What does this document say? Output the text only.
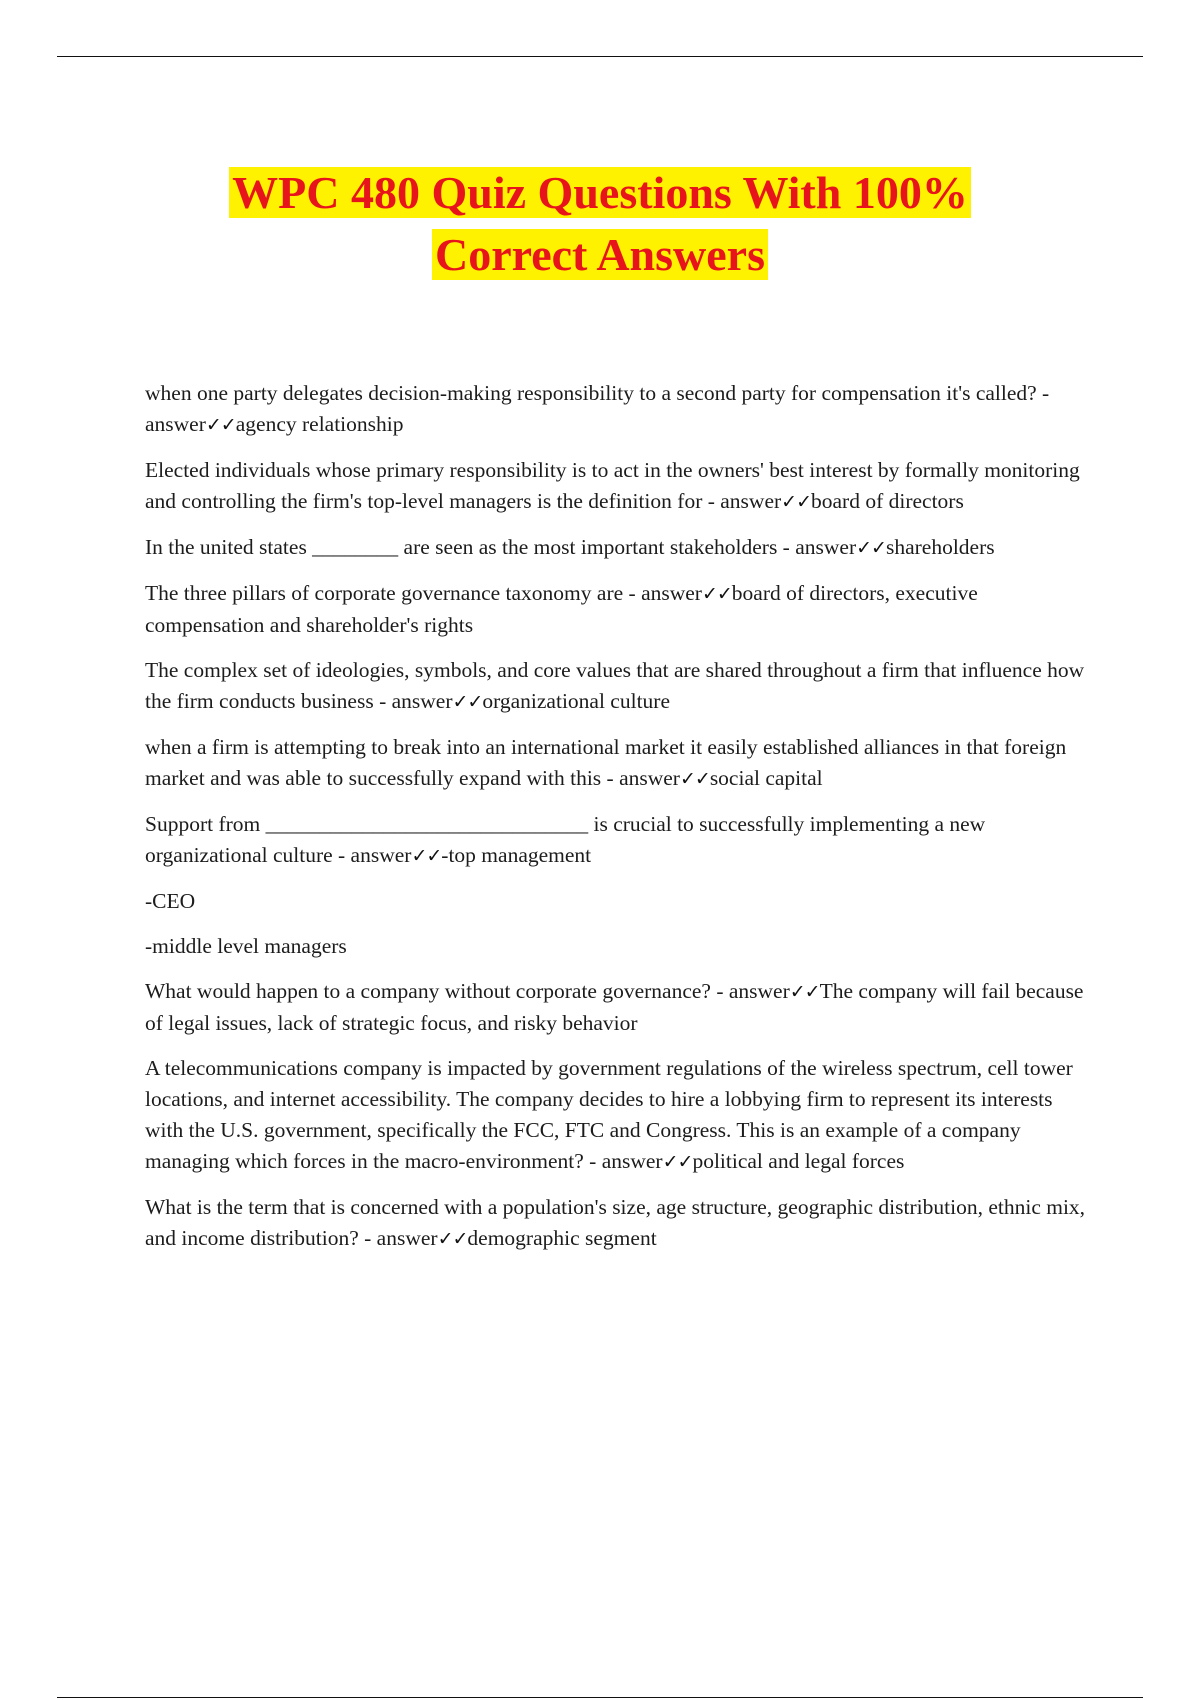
WPC 480 Quiz Questions With 100%
Correct Answers

when one party delegates decision-making responsibility to a second party for compensation it's called? - answer✓✓agency relationship

Elected individuals whose primary responsibility is to act in the owners' best interest by formally monitoring and controlling the firm's top-level managers is the definition for - answer✓✓board of directors

In the united states ________ are seen as the most important stakeholders - answer✓✓shareholders

The three pillars of corporate governance taxonomy are - answer✓✓board of directors, executive compensation and shareholder's rights

The complex set of ideologies, symbols, and core values that are shared throughout a firm that influence how the firm conducts business - answer✓✓organizational culture

when a firm is attempting to break into an international market it easily established alliances in that foreign market and was able to successfully expand with this - answer✓✓social capital

Support from ______________________________ is crucial to successfully implementing a new organizational culture - answer✓✓-top management

-CEO

-middle level managers

What would happen to a company without corporate governance? - answer✓✓The company will fail because of legal issues, lack of strategic focus, and risky behavior

A telecommunications company is impacted by government regulations of the wireless spectrum, cell tower locations, and internet accessibility. The company decides to hire a lobbying firm to represent its interests with the U.S. government, specifically the FCC, FTC and Congress. This is an example of a company managing which forces in the macro-environment? - answer✓✓political and legal forces

What is the term that is concerned with a population's size, age structure, geographic distribution, ethnic mix, and income distribution? - answer✓✓demographic segment
